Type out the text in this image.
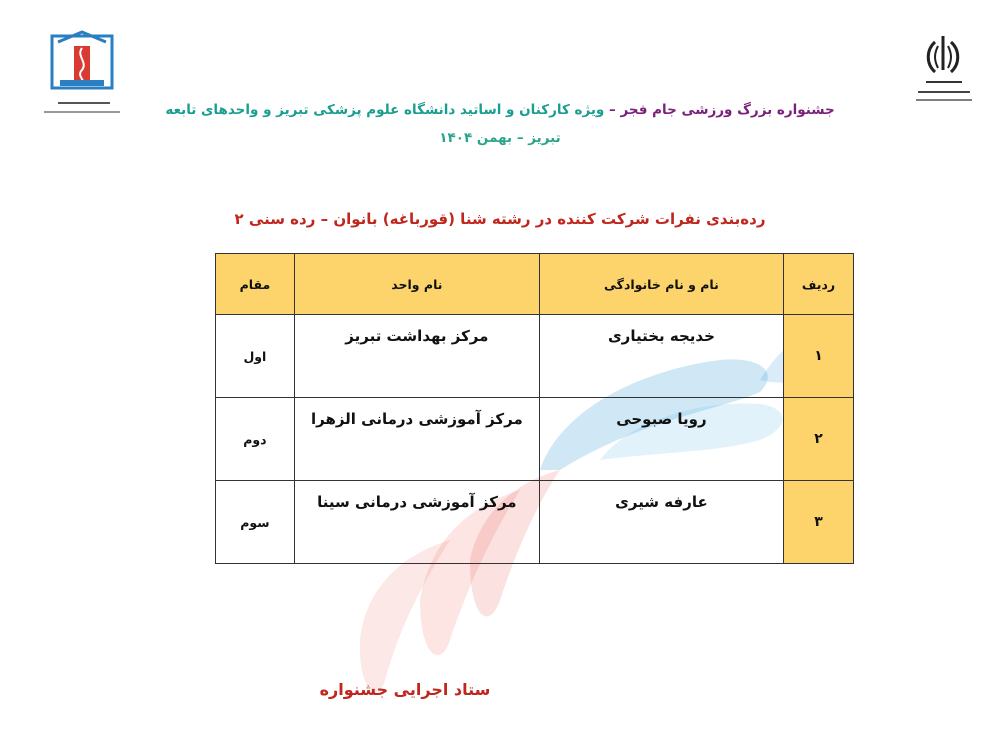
جشنواره بزرگ ورزشی جام فجر – ویژه کارکنان و اساتید دانشگاه علوم پزشکی تبریز و واحدهای تابعه
تبریز – بهمن ۱۴۰۴
رده‌بندی نفرات شرکت کننده در رشته شنا (قورباغه) بانوان – رده سنی ۲
ردیف	نام و نام خانوادگی	نام واحد	مقام
۱	خدیجه بختیاری	مرکز بهداشت تبریز	اول
۲	رویا صبوحی	مرکز آموزشی درمانی الزهرا	دوم
۳	عارفه شیری	مرکز آموزشی درمانی سینا	سوم
ستاد اجرایی جشنواره
